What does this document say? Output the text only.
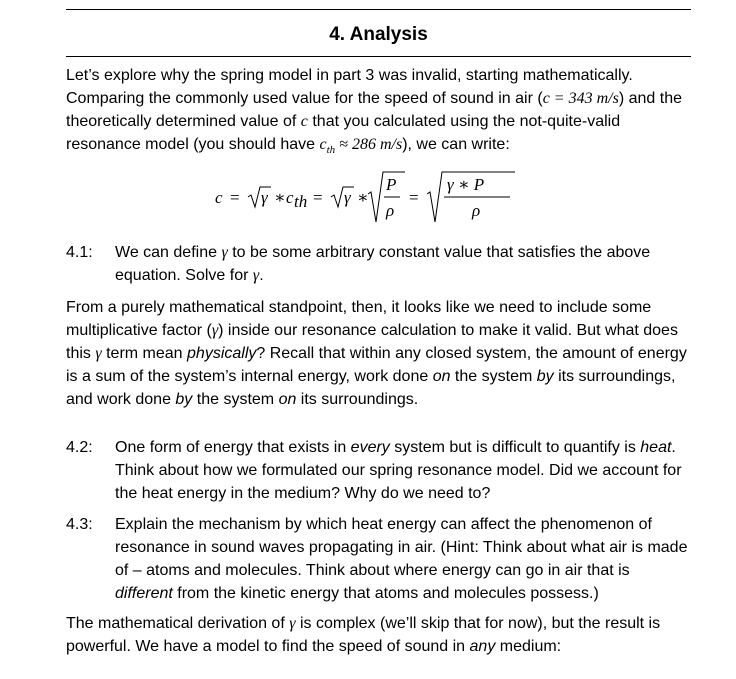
4. Analysis
Let’s explore why the spring model in part 3 was invalid, starting mathematically. Comparing the commonly used value for the speed of sound in air (c = 343 m/s) and the theoretically determined value of c that you calculated using the not-quite-valid resonance model (you should have $c_{th} \approx 286$ m/s), we can write:
c = γ ∗ c th = γ ∗
P
ρ
=
γ ∗ P
ρ
4.1: We can define γ to be some arbitrary constant value that satisfies the above equation. Solve for γ.
From a purely mathematical standpoint, then, it looks like we need to include some multiplicative factor (γ) inside our resonance calculation to make it valid. But what does this γ term mean physically? Recall that within any closed system, the amount of energy is a sum of the system’s internal energy, work done on the system by its surroundings, and work done by the system on its surroundings.
4.2: One form of energy that exists in every system but is difficult to quantify is heat. Think about how we formulated our spring resonance model. Did we account for the heat energy in the medium? Why do we need to?
4.3: Explain the mechanism by which heat energy can affect the phenomenon of resonance in sound waves propagating in air. (Hint: Think about what air is made of – atoms and molecules. Think about where energy can go in air that is different from the kinetic energy that atoms and molecules possess.)
The mathematical derivation of γ is complex (we’ll skip that for now), but the result is powerful. We have a model to find the speed of sound in any medium:
